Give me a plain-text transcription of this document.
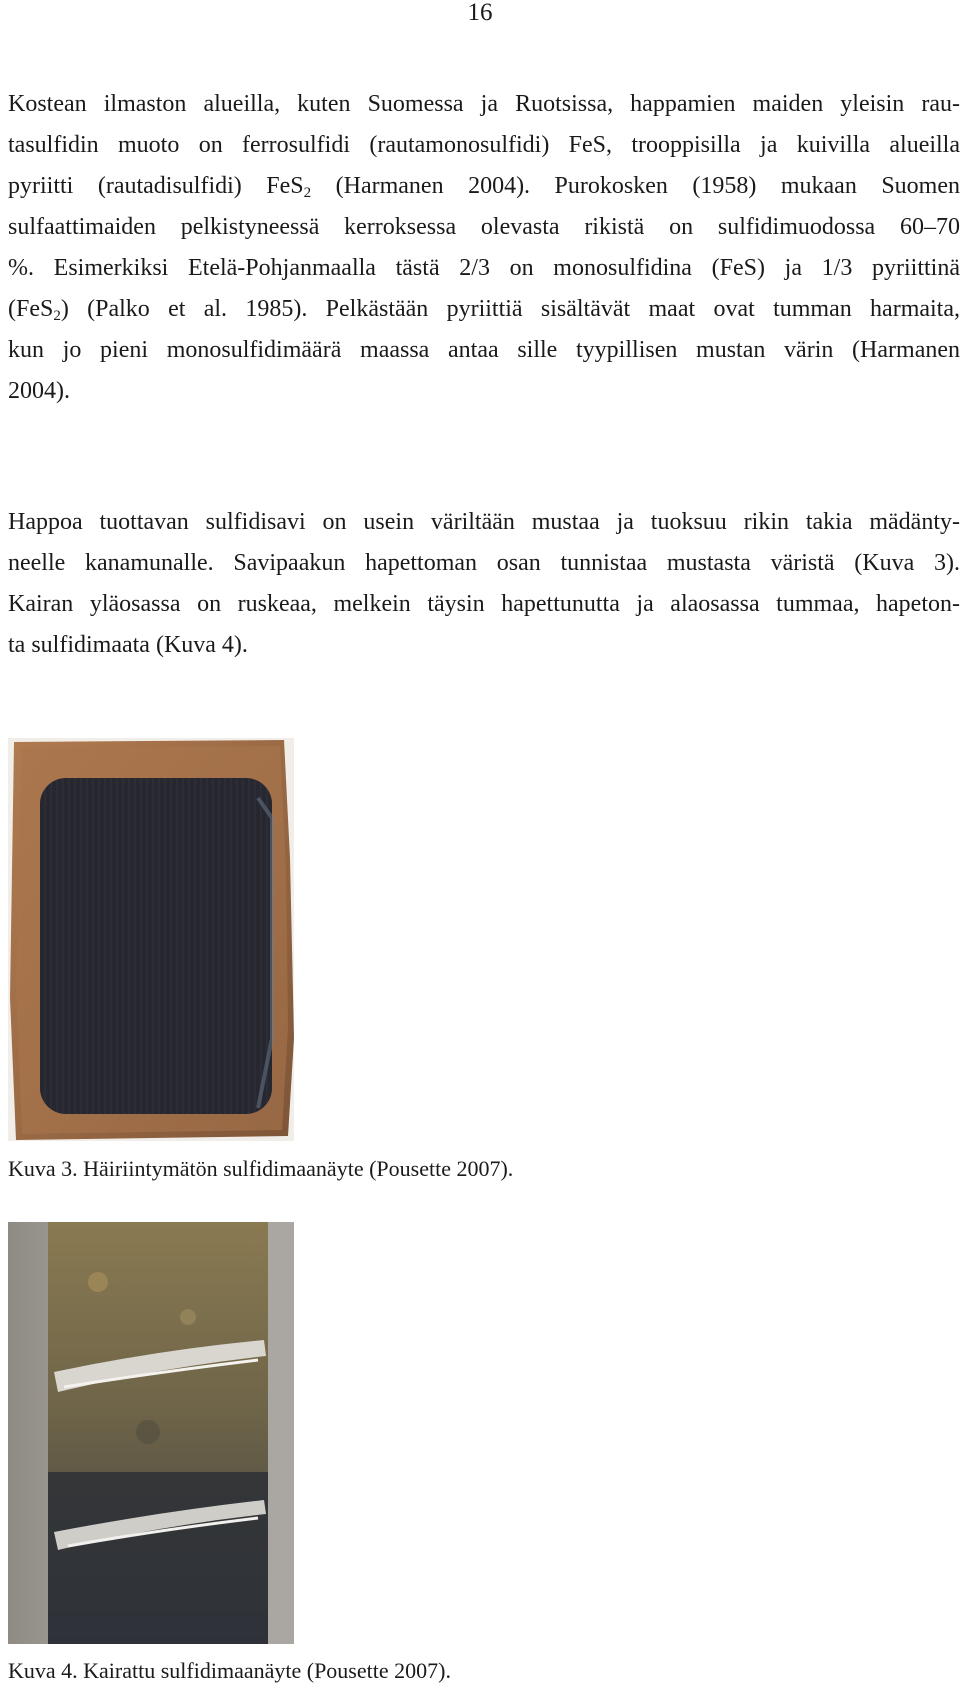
16

Kostean ilmaston alueilla, kuten Suomessa ja Ruotsissa, happamien maiden yleisin rau-
tasulfidin muoto on ferrosulfidi (rautamonosulfidi) FeS, trooppisilla ja kuivilla alueilla
pyriitti (rautadisulfidi) FeS$_2$ (Harmanen 2004). Purokosken (1958) mukaan Suomen
sulfaattimaiden pelkistyneessä kerroksessa olevasta rikistä on sulfidimuodossa 60–70
%. Esimerkiksi Etelä-Pohjanmaalla tästä 2/3 on monosulfidina (FeS) ja 1/3 pyriittinä
(FeS$_2$) (Palko et al. 1985). Pelkästään pyriittiä sisältävät maat ovat tumman harmaita,
kun jo pieni monosulfidimäärä maassa antaa sille tyypillisen mustan värin (Harmanen
2004).

Happoa tuottavan sulfidisavi on usein väriltään mustaa ja tuoksuu rikin takia mädänty-
neelle kanamunalle. Savipaakun hapettoman osan tunnistaa mustasta väristä (Kuva 3).
Kairan yläosassa on ruskeaa, melkein täysin hapettunutta ja alaosassa tummaa, hapeton-
ta sulfidimaata (Kuva 4).

Kuva 3. Häiriintymätön sulfidimaanäyte (Pousette 2007).

Kuva 4. Kairattu sulfidimaanäyte (Pousette 2007).
